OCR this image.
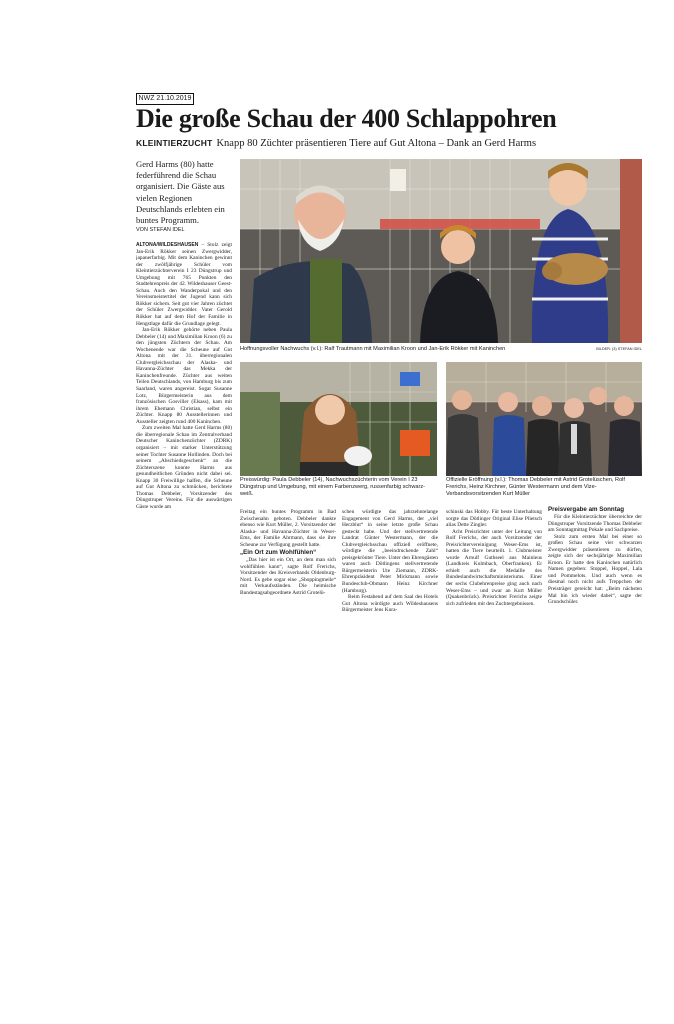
NWZ 21.10.2019
Die große Schau der 400 Schlappohren
KLEINTIERZUCHT Knapp 80 Züchter präsentieren Tiere auf Gut Altona – Dank an Gerd Harms
Gerd Harms (80) hatte federführend die Schau organisiert. Die Gäste aus vielen Regionen Deutschlands erlebten ein buntes Programm.
VON STEFAN IDEL
Hoffnungsvoller Nachwuchs (v.l.): Ralf Trautmann mit Maximilian Kroon und Jan-Erik Rökker mit Kaninchen	BILDER: (3) STEFAN IDEL
Preiswürdig: Paula Debbeler (14), Nachwuchszüchterin vom Verein I 23 Düngstrup und Umgebung, mit einem Farbenzwerg, russenfarbig schwarz-weiß.
Offizielle Eröffnung (v.l.): Thomas Debbeler mit Astrid Grotelüschen, Rolf Frerichs, Heinz Kirchner, Günter Westermann und dem Vize-Verbandsvorsitzenden Kurt Müller

ALTONA/WILDESHAUSEN – Stolz zeigt Jan-Erik Rökker seinen Zwergwidder, japanerfarbig. Mit dem Kaninchen gewinnt der zwölfjährige Schüler vom Kleintierzüchterverein I 23 Düngstrup und Umgebung mit 765 Punkten den Stadtehrenpreis der 42. Wildeshauser Geest-Schau. Auch den Wanderpokal und den Vereinsmeistertitel der Jugend kann sich Rökker sichern. Seit gut vier Jahren züchtet der Schüler Zwergwidder. Vater Gerold Rökker hat auf dem Hof der Familie in Hengstlage dafür die Grundlage gelegt.

Jan-Erik Rökker gehörte neben Paula Debbeler (14) und Maximilian Kroon (6) zu den jüngsten Züchtern der Schau. Am Wochenende war die Scheune auf Gut Altona mit der 31. überregionalen Clubvergleichsschau der Alaska- und Havanna-Züchter das Mekka der Kaninchenfreunde. Züchter aus weiten Teilen Deutschlands, von Hamburg bis zum Saarland, waren angereist. Sogar Susanne Lotz, Bürgermeisterin aus dem französischen Gosviller (Elsass), kam mit ihrem Ehemann Christian, selbst ein Züchter. Knapp 80 Ausstellerinnen und Aussteller zeigten rund 400 Kaninchen.

Zum zweiten Mal hatte Gerd Harms (80) die überregionale Schau im Zentralverband Deutscher Kaninchenzüchter (ZDRK) organisiert – mit starker Unterstützung seiner Tochter Susanne Hollinden. Doch bei seinem „Abschiedsgeschenk“ an die Züchterszene konnte Harms aus gesundheitlichen Gründen nicht dabei sei. Knapp 30 Freiwillige halfen, die Scheune auf Gut Altona zu schmücken, berichtete Thomas Debbeler, Vorsitzender des Düngstruper Vereins. Für die auswärtigen Gäste wurde am

Freitag ein buntes Programm in Bad Zwischenahn geboten. Debbeler dankte ebenso wie Kurt Müller, 2. Vorsitzender der Alaska- und Havanna-Züchter in Weser-Ems, der Familie Ahrmann, dass sie ihre Scheune zur Verfügung gestellt hatte.

„Ein Ort zum Wohlfühlen“

„Das hier ist ein Ort, an dem man sich wohlfühlen kann“, sagte Rolf Frerichs, Vorsitzender des Kreisverbands Oldenburg-Nord. Es gebe sogar eine „Shoppingmeile“ mit Verkaufsständen. Die heimische Bundestagsabgeordnete Astrid Grotelü-

schen würdigte das jahrzehntelange Engagement von Gerd Harms, der „viel Herzblut“ in seine letzte große Schau gesteckt habe. Und der stellvertretende Landrat Günter Westermann, der die Clubvergleichsschau offiziell eröffnete, würdigte die „beeindruckende Zahl“ preisgekrönter Tiere. Unter den Ehrengästen waren auch Dötlingens stellvertretende Bürgermeisterin Ute Ziemann, ZDRK-Ehrenpräsident Peter Mickmann sowie Bundesclub-Obmann Heinz Kirchner (Hamburg).

Beim Festabend auf dem Saal des Hotels Gut Altona würdigte auch Wildeshausens Bürgermeister Jens Kura-

schinski das Hobby. Für beste Unterhaltung sorgte das Dötlinger Original Elise Plietsch alias Dette Zingler.

Acht Preisrichter unter der Leitung von Rolf Frerichs, der auch Vorsitzender der Preisrichtervereinigung Weser-Ems ist, hatten die Tiere beurteilt. 1. Clubmeister wurde Arnulf Guthseel aus Mainleus (Landkreis Kulmbach, Oberfranken). Er erhielt auch die Medaille des Bundeslandwirtschaftsministeriums. Einer der sechs Clubehrenpreise ging auch nach Weser-Ems – und zwar an Kurt Müller (Quakenbrück). Preisrichter Frerichs zeigte sich zufrieden mit den Zuchtergebnissen.

Preisvergabe am Sonntag

Für die Kleintierzüchter überreichte der Düngstruper Vorsitzende Thomas Debbeler am Sonntagmittag Pokale und Sachpreise.

Stolz zum ersten Mal bei einer so großen Schau seine vier schwarzen Zwergwidder präsentieren zu dürfen, zeigte sich der sechsjährige Maximilian Kroon. Er hatte den Kaninchen natürlich Namen gegeben: Stoppel, Hoppel, Lala und Pommelots. Und auch wenn es diesmal noch nicht aufs Treppchen der Preisträger gereicht hat: „Beim nächsten Mal bin ich wieder dabei“, sagte der Grundschüler.
